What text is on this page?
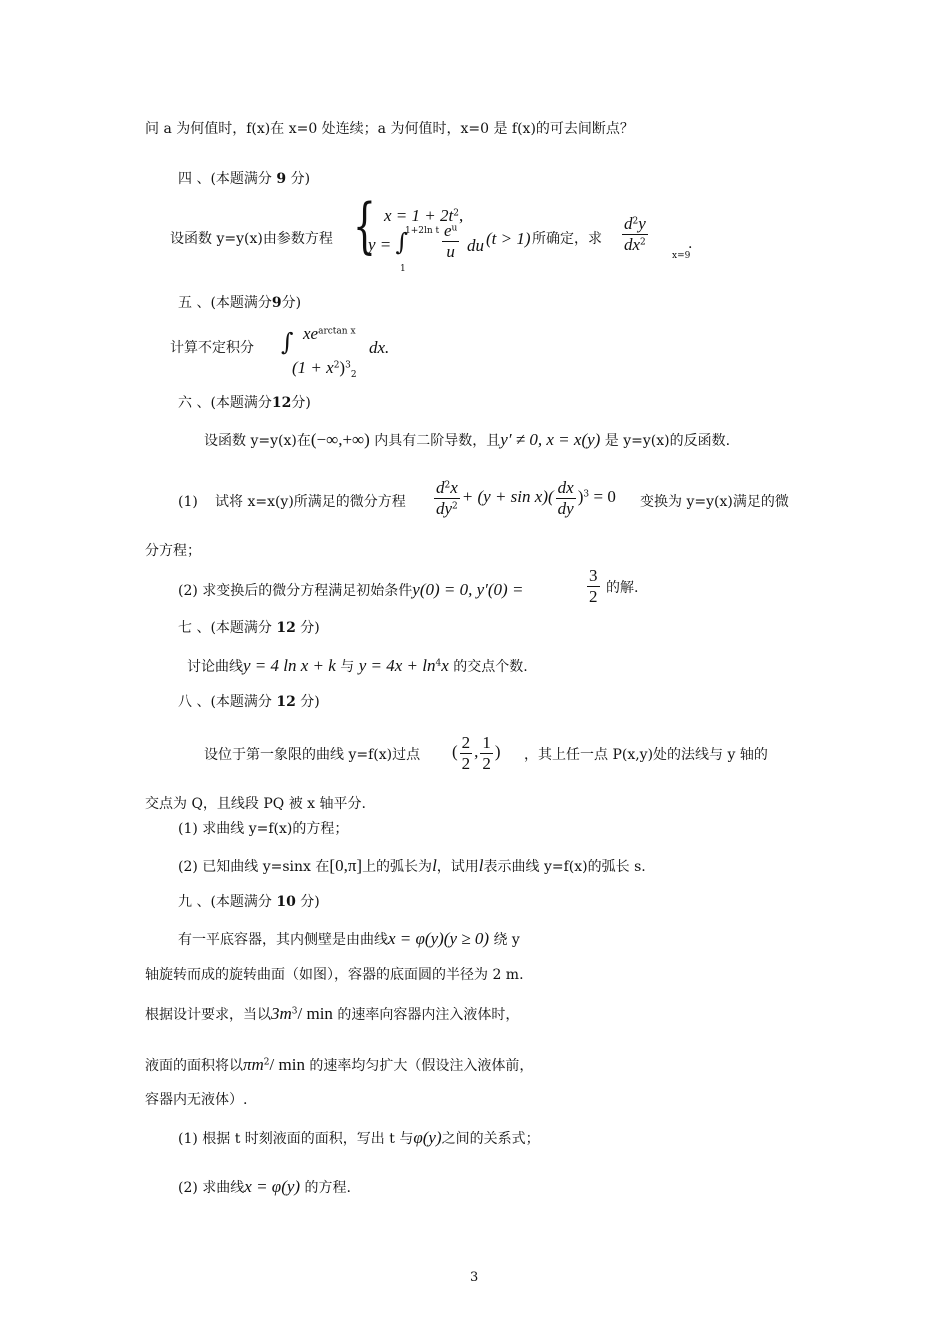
问 a 为何值时，f(x)在 x=0 处连续；a 为何值时，x=0 是 f(x)的可去间断点？
四 、(本题满分 9 分)
设函数 y=y(x)由参数方程 { $x = 1 + 2t^2$,
y = ∫
1+2ln t
1
$\frac{e^u}{u}$ du (t > 1) 所确定，求 $\frac{d^2y}{dx^2}$
x=9
.
五 、(本题满分9分)
计算不定积分 ∫ $xe^{arctan x}$
$(1 + x^2)^3_2$
dx.
六 、(本题满分12分)
设函数 y=y(x)在(−∞,+∞) 内具有二阶导数，且y′ ≠ 0, x = x(y) 是 y=y(x)的反函数.
(1) 试将 x=x(y)所满足的微分方程 $\frac{d^2x}{dy^2} + (y + \sin x)( \frac{dx}{dy} )^3 = 0$ 变换为 y=y(x)满足的微
分方程；
(2) 求变换后的微分方程满足初始条件y(0) = 0, y′(0) =	$\frac{3}{2}$ 的解.
七 、(本题满分 12 分)
讨论曲线y = 4 ln x + k 与 $y = 4x + \ln^4x$ 的交点个数.
八 、(本题满分 12 分)
设位于第一象限的曲线 y=f(x)过点 ( $\frac{2}{2}$ , $\frac{1}{2}$ ) ，其上任一点 P(x,y)处的法线与 y 轴的
交点为 Q，且线段 PQ 被 x 轴平分.
(1) 求曲线 y=f(x)的方程；
(2) 已知曲线 y=sinx 在[0,π]上的弧长为l，试用l表示曲线 y=f(x)的弧长 s.
九 、(本题满分 10 分)
有一平底容器，其内侧壁是由曲线x = φ(y)(y ≥ 0) 绕 y
轴旋转而成的旋转曲面（如图），容器的底面圆的半径为 2 m.
根据设计要求，当以$3m^3/$ min 的速率向容器内注入液体时，
液面的面积将以$\pi m^2/$ min 的速率均匀扩大（假设注入液体前，
容器内无液体）.
(1) 根据 t 时刻液面的面积，写出 t 与φ(y)之间的关系式；
(2) 求曲线x = φ(y) 的方程.
3
